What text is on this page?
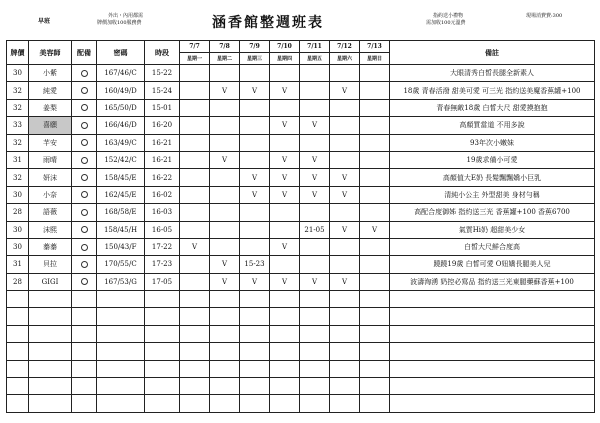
早班
外出・內用都需
牌價加收100服務費	涵香館整週班表	指約送小禮物
需加收100元溫費
現場消費費:300
牌價	美容師	配備	密碼	時段	7/7	7/8	7/9	7/10	7/11	7/12	7/13	備註
					星期一	星期二	星期三	星期四	星期五	星期六	星期日	
30	小紫		167/46/C	15-22								大眼清秀白皙長腿全新素人
32	純愛		160/49/D	15-24		V	V	V		V		18歲 青春活潑 甜美可愛 可三光 指約送美魔香蕉罐+100
32	姜梨		165/50/D	15-01								青春無敵18歲 白皙大尺 甜愛摸抱抱
33	喜願		166/46/D	16-20				V	V			高顏質當道 不用多說
32	芊安		163/49/C	16-21								93年次小嫩妹
31	雨晴		152/42/C	16-21		V		V	V			19歲求備小可愛
32	妍沫		158/45/E	16-22			V	V	V	V		高顏值大E奶 長髮飄飄嬌小巨乳
30	小奈		162/45/E	16-02			V	V	V	V		清純小公主 外型甜美 身材勻稱
28	語薇		168/58/E	16-03								高配合度御姊 指約送三光 香蕉罐+100 香蕉6700
30	沫熙		158/45/H	16-05					21-05	V	V	氣質Hi奶 超甜美少女
30	蓁蓁		150/43/F	17-22	V			V				白皙大尺鮮合度高
31	貝拉		170/55/C	17-23		V	15-23					蹺蹺19歲 白皙可愛 O妞嬌長腿美人兒
28	GIGI		167/53/G	17-05		V	V	V	V	V		波濤洶湧 奶控必寫品 指約送三光東腿藥蘇香蕉+100
